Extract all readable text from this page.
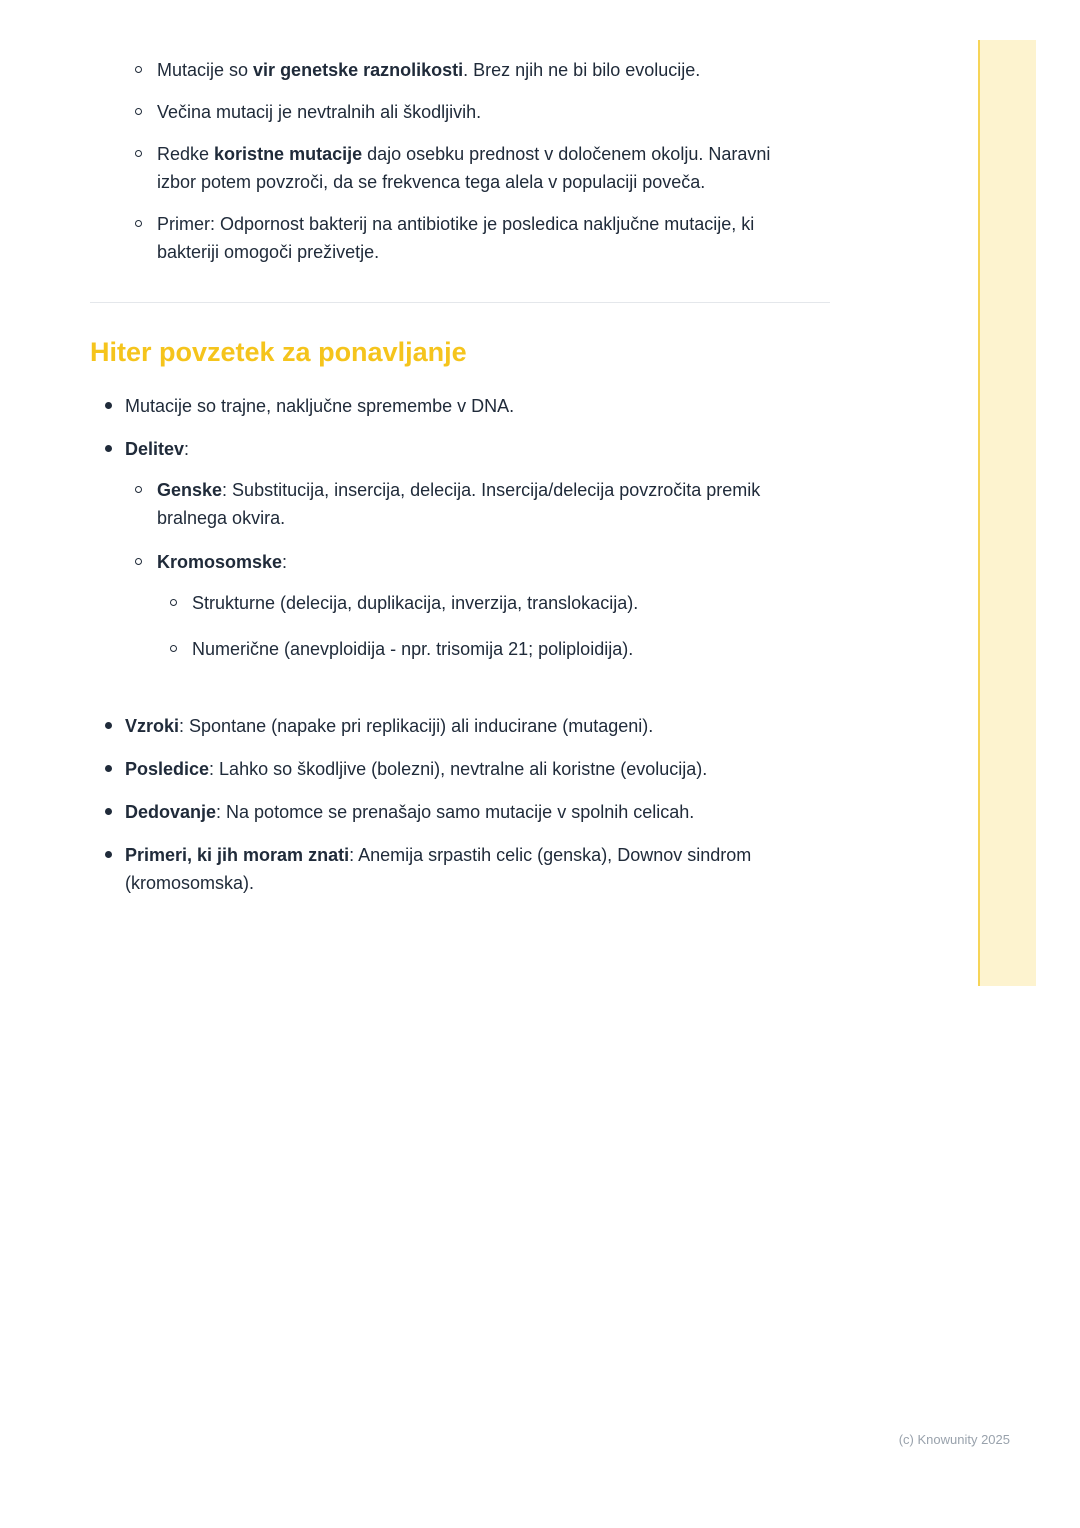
Mutacije so vir genetske raznolikosti. Brez njih ne bi bilo evolucije.
Večina mutacij je nevtralnih ali škodljivih.
Redke koristne mutacije dajo osebku prednost v določenem okolju. Naravni izbor potem povzroči, da se frekvenca tega alela v populaciji poveča.
Primer: Odpornost bakterij na antibiotike je posledica naključne mutacije, ki bakteriji omogoči preživetje.
Hiter povzetek za ponavljanje
Mutacije so trajne, naključne spremembe v DNA.
Delitev:
Genske: Substitucija, insercija, delecija. Insercija/delecija povzročita premik bralnega okvira.
Kromosomske:
Strukturne (delecija, duplikacija, inverzija, translokacija).
Numerične (anevploidija - npr. trisomija 21; poliploidija).
Vzroki: Spontane (napake pri replikaciji) ali inducirane (mutageni).
Posledice: Lahko so škodljive (bolezni), nevtralne ali koristne (evolucija).
Dedovanje: Na potomce se prenašajo samo mutacije v spolnih celicah.
Primeri, ki jih moram znati: Anemija srpastih celic (genska), Downov sindrom (kromosomska).
(c) Knowunity 2025
